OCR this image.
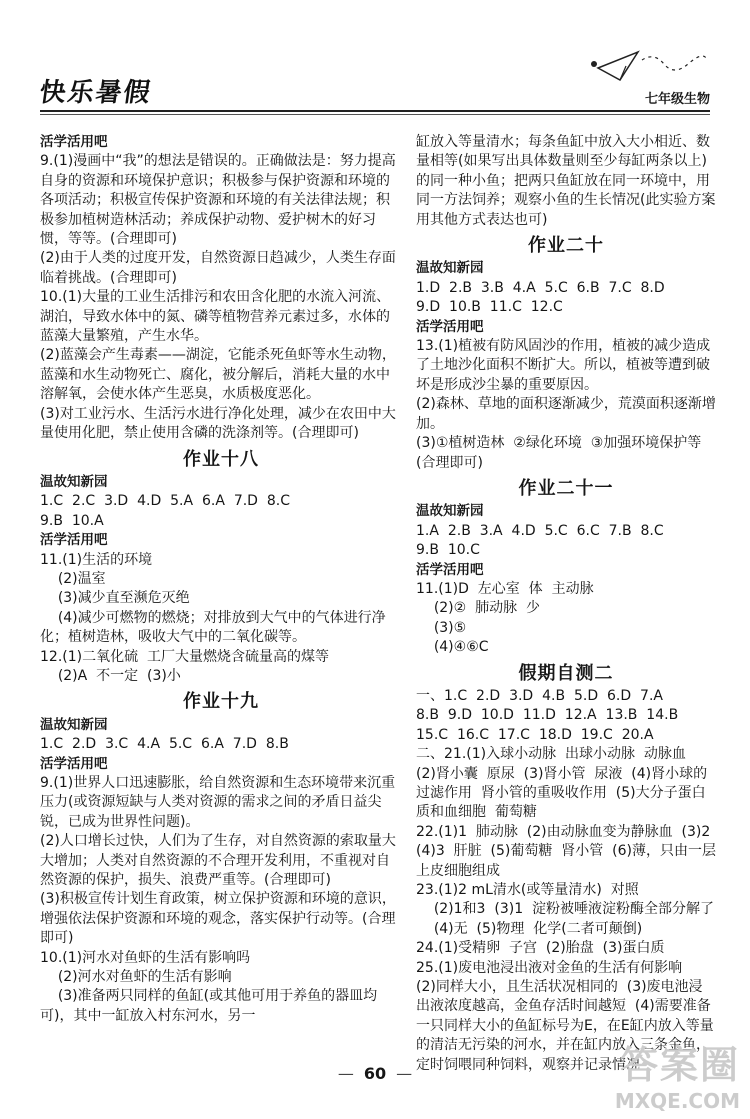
快乐暑假	七年级生物

活学活用吧

9.(1)漫画中“我”的想法是错误的。正确做法是：努力提高自身的资源和环境保护意识；积极参与保护资源和环境的各项活动；积极宣传保护资源和环境的有关法律法规；积极参加植树造林活动；养成保护动物、爱护树木的好习惯，等等。(合理即可)

(2)由于人类的过度开发，自然资源日趋减少，人类生存面临着挑战。(合理即可)

10.(1)大量的工业生活排污和农田含化肥的水流入河流、湖泊，导致水体中的氮、磷等植物营养元素过多，水体的蓝藻大量繁殖，产生水华。

(2)蓝藻会产生毒素——湖淀，它能杀死鱼虾等水生动物，蓝藻和水生动物死亡、腐化，被分解后，消耗大量的水中溶解氧，会使水体产生恶臭，水质极度恶化。

(3)对工业污水、生活污水进行净化处理，减少在农田中大量使用化肥，禁止使用含磷的洗涤剂等。(合理即可)

作业十八

温故知新园

1.C  2.C  3.D  4.D  5.A  6.A  7.D  8.C

9.B  10.A

活学活用吧

11.(1)生活的环境

(2)温室

(3)减少直至濒危灭绝

(4)减少可燃物的燃烧；对排放到大气中的气体进行净化；植树造林，吸收大气中的二氧化碳等。

12.(1)二氧化硫  工厂大量燃烧含硫量高的煤等

(2)A  不一定  (3)小

作业十九

温故知新园

1.C  2.D  3.C  4.A  5.C  6.A  7.D  8.B

活学活用吧

9.(1)世界人口迅速膨胀，给自然资源和生态环境带来沉重压力(或资源短缺与人类对资源的需求之间的矛盾日益尖锐，已成为世界性问题)。

(2)人口增长过快，人们为了生存，对自然资源的索取量大大增加；人类对自然资源的不合理开发利用，不重视对自然资源的保护，损失、浪费严重等。(合理即可)

(3)积极宣传计划生育政策，树立保护资源和环境的意识，增强依法保护资源和环境的观念，落实保护行动等。(合理即可)

10.(1)河水对鱼虾的生活有影响吗

(2)河水对鱼虾的生活有影响

(3)准备两只同样的鱼缸(或其他可用于养鱼的器皿均可)，其中一缸放入村东河水，另一

缸放入等量清水；每条鱼缸中放入大小相近、数量相等(如果写出具体数量则至少每缸两条以上)的同一种小鱼；把两只鱼缸放在同一环境中，用同一方法饲养；观察小鱼的生长情况(此实验方案用其他方式表达也可)

作业二十

温故知新园

1.D  2.B  3.B  4.A  5.C  6.B  7.C  8.D

9.D  10.B  11.C  12.C

活学活用吧

13.(1)植被有防风固沙的作用，植被的减少造成了土地沙化面积不断扩大。所以，植被等遭到破坏是形成沙尘暴的重要原因。

(2)森林、草地的面积逐渐减少，荒漠面积逐渐增加。

(3)①植树造林  ②绿化环境  ③加强环境保护等(合理即可)

作业二十一

温故知新园

1.A  2.B  3.A  4.D  5.C  6.C  7.B  8.C

9.B  10.C

活学活用吧

11.(1)D  左心室  体  主动脉

(2)②  肺动脉  少

(3)⑤

(4)④⑥C

假期自测二

一、1.C  2.D  3.D  4.B  5.D  6.D  7.A

8.B  9.D  10.D  11.D  12.A  13.B  14.B

15.C  16.C  17.C  18.D  19.C  20.A

二、21.(1)入球小动脉  出球小动脉  动脉血

(2)肾小囊  原尿  (3)肾小管  尿液  (4)肾小球的过滤作用  肾小管的重吸收作用  (5)大分子蛋白质和血细胞  葡萄糖

22.(1)1  肺动脉  (2)由动脉血变为静脉血  (3)2 (4)3  肝脏  (5)葡萄糖  肾小管  (6)薄，只由一层上皮细胞组成

23.(1)2 mL清水(或等量清水)  对照

(2)1和3  (3)1  淀粉被唾液淀粉酶全部分解了

(4)无  (5)物理  化学(二者可颠倒)

24.(1)受精卵  子宫  (2)胎盘  (3)蛋白质

25.(1)废电池浸出液对金鱼的生活有何影响

(2)同样大小，且生活状况相同的  (3)废电池浸出液浓度越高，金鱼存活时间越短  (4)需要准备一只同样大小的鱼缸标号为E，在E缸内放入等量的清洁无污染的河水，并在缸内放入三条金鱼，定时饲喂同种饲料，观察并记录情况

— 60 —	答案圈
MXQE.COM
